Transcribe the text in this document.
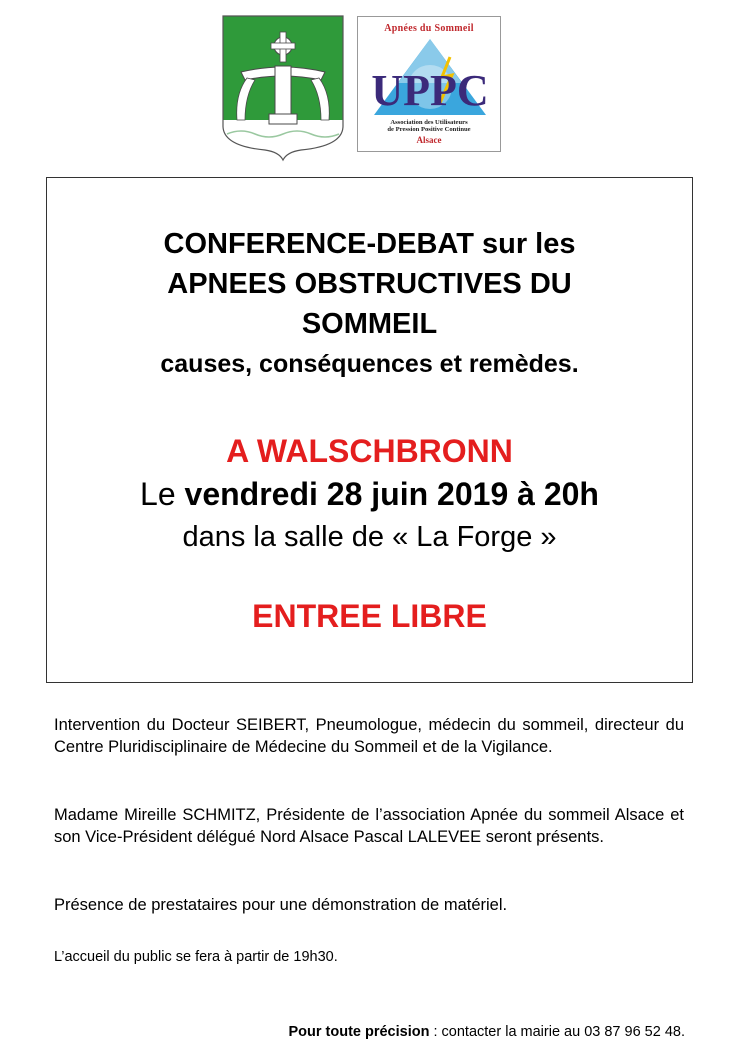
UPPC
Apnées du Sommeil
Association des Utilisateurs
de Pression Positive Continue
Alsace
CONFERENCE-DEBAT sur les
APNEES OBSTRUCTIVES DU
SOMMEIL
causes, conséquences et remèdes.
A WALSCHBRONN
Le vendredi 28 juin 2019 à 20h
dans la salle de « La Forge »
ENTREE LIBRE
Intervention du Docteur SEIBERT, Pneumologue, médecin du sommeil, directeur du Centre Pluridisciplinaire de Médecine du Sommeil et de la Vigilance.
Madame Mireille SCHMITZ, Présidente de l’association Apnée du sommeil Alsace et son Vice-Président délégué Nord Alsace Pascal LALEVEE seront présents.
Présence de prestataires pour une démonstration de matériel.
L’accueil du public se fera à partir de 19h30.
Pour toute précision : contacter la mairie au 03 87 96 52 48.
